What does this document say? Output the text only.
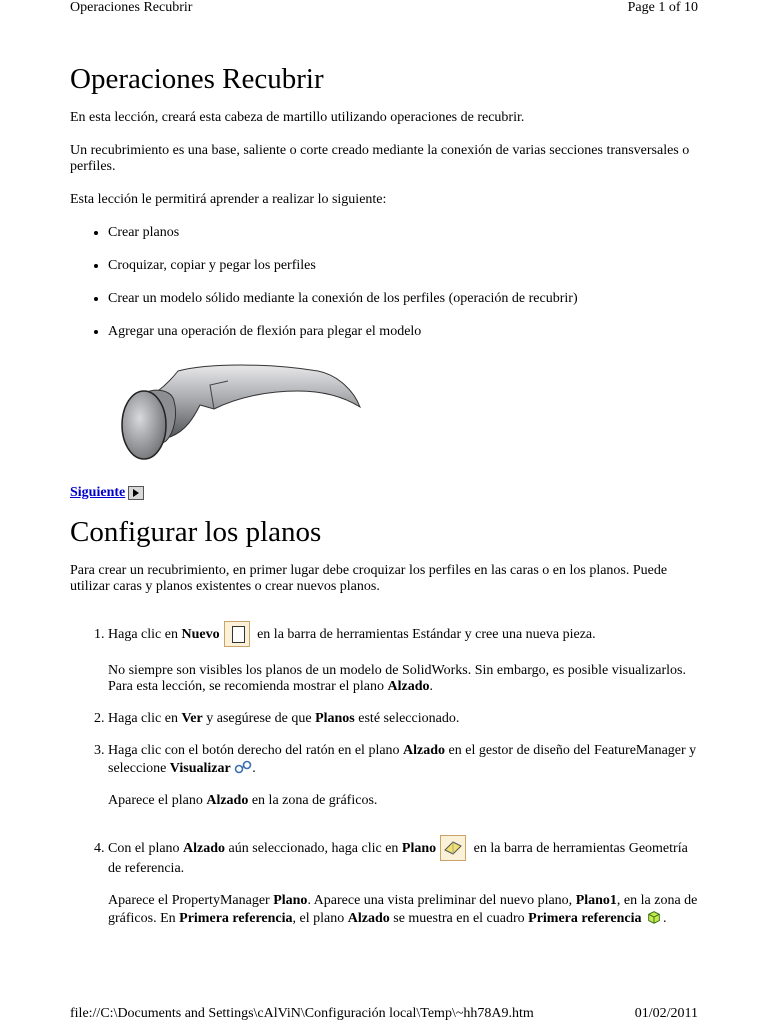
Operaciones Recubrir	Page 1 of 10
Operaciones Recubrir

En esta lección, creará esta cabeza de martillo utilizando operaciones de recubrir.

Un recubrimiento es una base, saliente o corte creado mediante la conexión de varias secciones transversales o perfiles.

Esta lección le permitirá aprender a realizar lo siguiente:

• Crear planos
• Croquizar, copiar y pegar los perfiles
• Crear un modelo sólido mediante la conexión de los perfiles (operación de recubrir)
• Agregar una operación de flexión para plegar el modelo
Siguiente
Configurar los planos

Para crear un recubrimiento, en primer lugar debe croquizar los perfiles en las caras o en los planos. Puede utilizar caras y planos existentes o crear nuevos planos.

1. Haga clic en Nuevo
en la barra de herramientas Estándar y cree una nueva pieza.

No siempre son visibles los planos de un modelo de SolidWorks. Sin embargo, es posible visualizarlos. Para esta lección, se recomienda mostrar el plano Alzado.

2. Haga clic en Ver y asegúrese de que Planos esté seleccionado.

3. Haga clic con el botón derecho del ratón en el plano Alzado en el gestor de diseño del FeatureManager y seleccione Visualizar .

Aparece el plano Alzado en la zona de gráficos.

4. Con el plano Alzado aún seleccionado, haga clic en Plano
en la barra de herramientas Geometría de referencia.

Aparece el PropertyManager Plano. Aparece una vista preliminar del nuevo plano, Plano1, en la zona de gráficos. En Primera referencia, el plano Alzado se muestra en el cuadro Primera referencia .

file://C:\Documents and Settings\cAlViN\Configuración local\Temp\~hh78A9.htm	01/02/2011
